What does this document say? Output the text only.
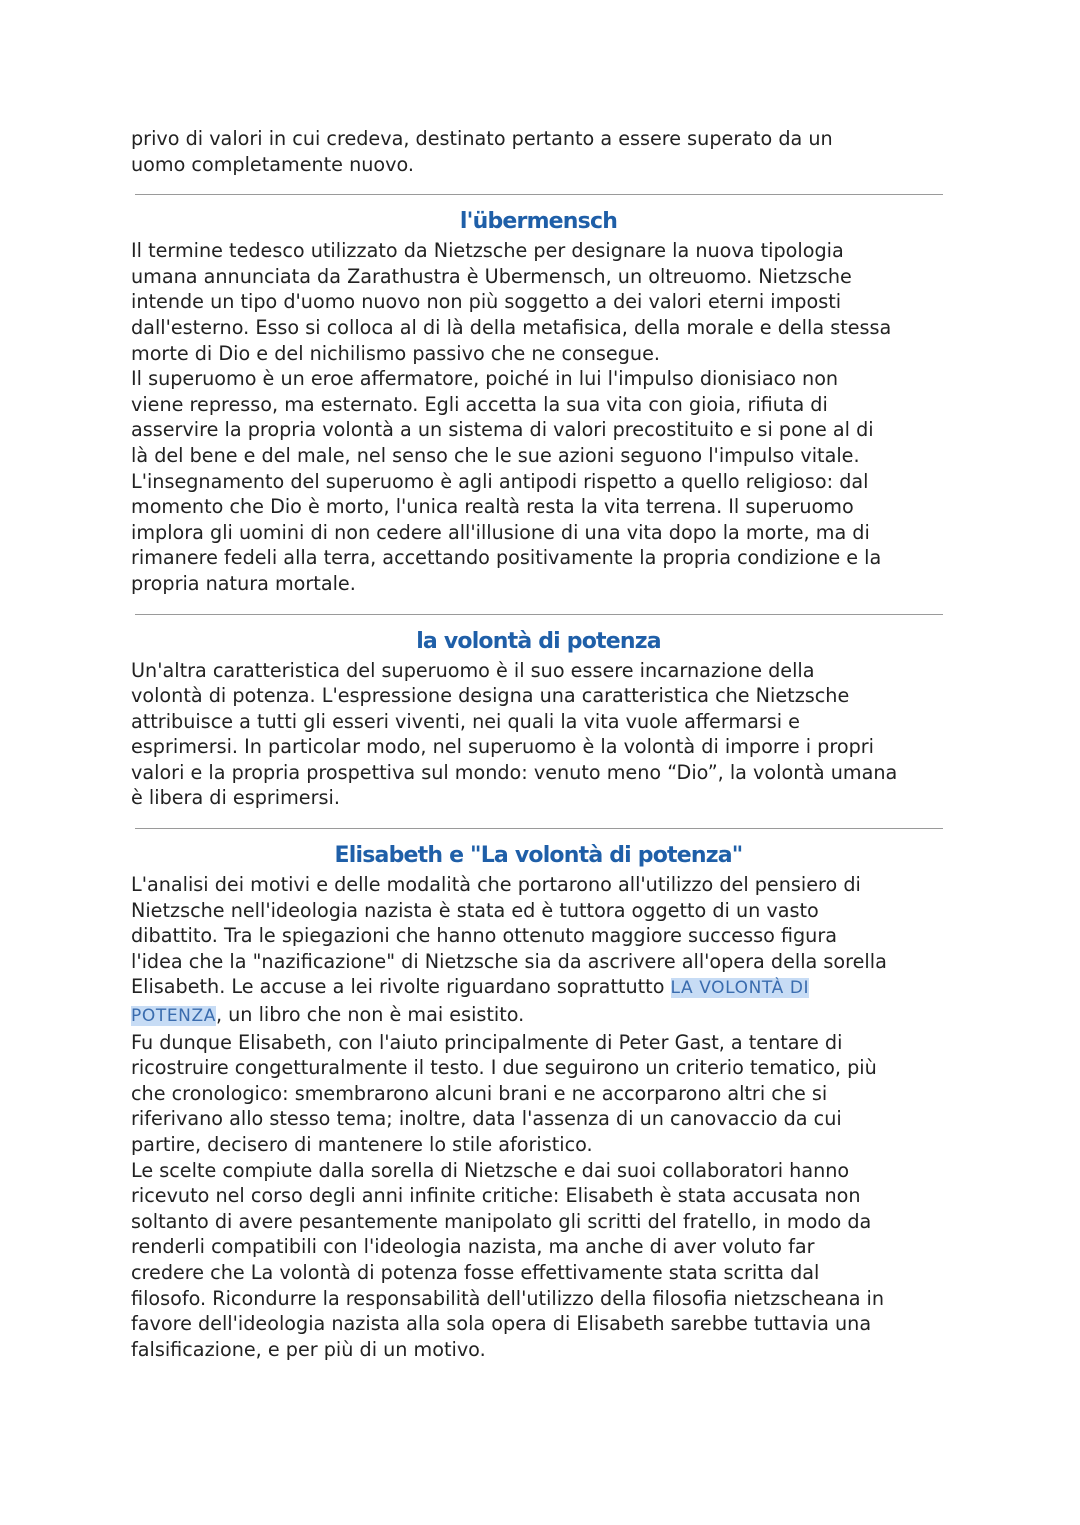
privo di valori in cui credeva, destinato pertanto a essere superato da un
uomo completamente nuovo.

l'übermensch

Il termine tedesco utilizzato da Nietzsche per designare la nuova tipologia
umana annunciata da Zarathustra è Ubermensch, un oltreuomo. Nietzsche
intende un tipo d'uomo nuovo non più soggetto a dei valori eterni imposti
dall'esterno. Esso si colloca al di là della metafisica, della morale e della stessa
morte di Dio e del nichilismo passivo che ne consegue.
Il superuomo è un eroe affermatore, poiché in lui l'impulso dionisiaco non
viene represso, ma esternato. Egli accetta la sua vita con gioia, rifiuta di
asservire la propria volontà a un sistema di valori precostituito e si pone al di
là del bene e del male, nel senso che le sue azioni seguono l'impulso vitale.
L'insegnamento del superuomo è agli antipodi rispetto a quello religioso: dal
momento che Dio è morto, l'unica realtà resta la vita terrena. Il superuomo
implora gli uomini di non cedere all'illusione di una vita dopo la morte, ma di
rimanere fedeli alla terra, accettando positivamente la propria condizione e la
propria natura mortale.

la volontà di potenza

Un'altra caratteristica del superuomo è il suo essere incarnazione della
volontà di potenza. L'espressione designa una caratteristica che Nietzsche
attribuisce a tutti gli esseri viventi, nei quali la vita vuole affermarsi e
esprimersi. In particolar modo, nel superuomo è la volontà di imporre i propri
valori e la propria prospettiva sul mondo: venuto meno “Dio”, la volontà umana
è libera di esprimersi.

Elisabeth e "La volontà di potenza"

L'analisi dei motivi e delle modalità che portarono all'utilizzo del pensiero di
Nietzsche nell'ideologia nazista è stata ed è tuttora oggetto di un vasto
dibattito. Tra le spiegazioni che hanno ottenuto maggiore successo figura
l'idea che la "nazificazione" di Nietzsche sia da ascrivere all'opera della sorella
Elisabeth. Le accuse a lei rivolte riguardano soprattutto LA VOLONTÀ DI
POTENZA, un libro che non è mai esistito.
Fu dunque Elisabeth, con l'aiuto principalmente di Peter Gast, a tentare di
ricostruire congetturalmente il testo. I due seguirono un criterio tematico, più
che cronologico: smembrarono alcuni brani e ne accorparono altri che si
riferivano allo stesso tema; inoltre, data l'assenza di un canovaccio da cui
partire, decisero di mantenere lo stile aforistico.
Le scelte compiute dalla sorella di Nietzsche e dai suoi collaboratori hanno
ricevuto nel corso degli anni infinite critiche: Elisabeth è stata accusata non
soltanto di avere pesantemente manipolato gli scritti del fratello, in modo da
renderli compatibili con l'ideologia nazista, ma anche di aver voluto far
credere che La volontà di potenza fosse effettivamente stata scritta dal
filosofo. Ricondurre la responsabilità dell'utilizzo della filosofia nietzscheana in
favore dell'ideologia nazista alla sola opera di Elisabeth sarebbe tuttavia una
falsificazione, e per più di un motivo.
